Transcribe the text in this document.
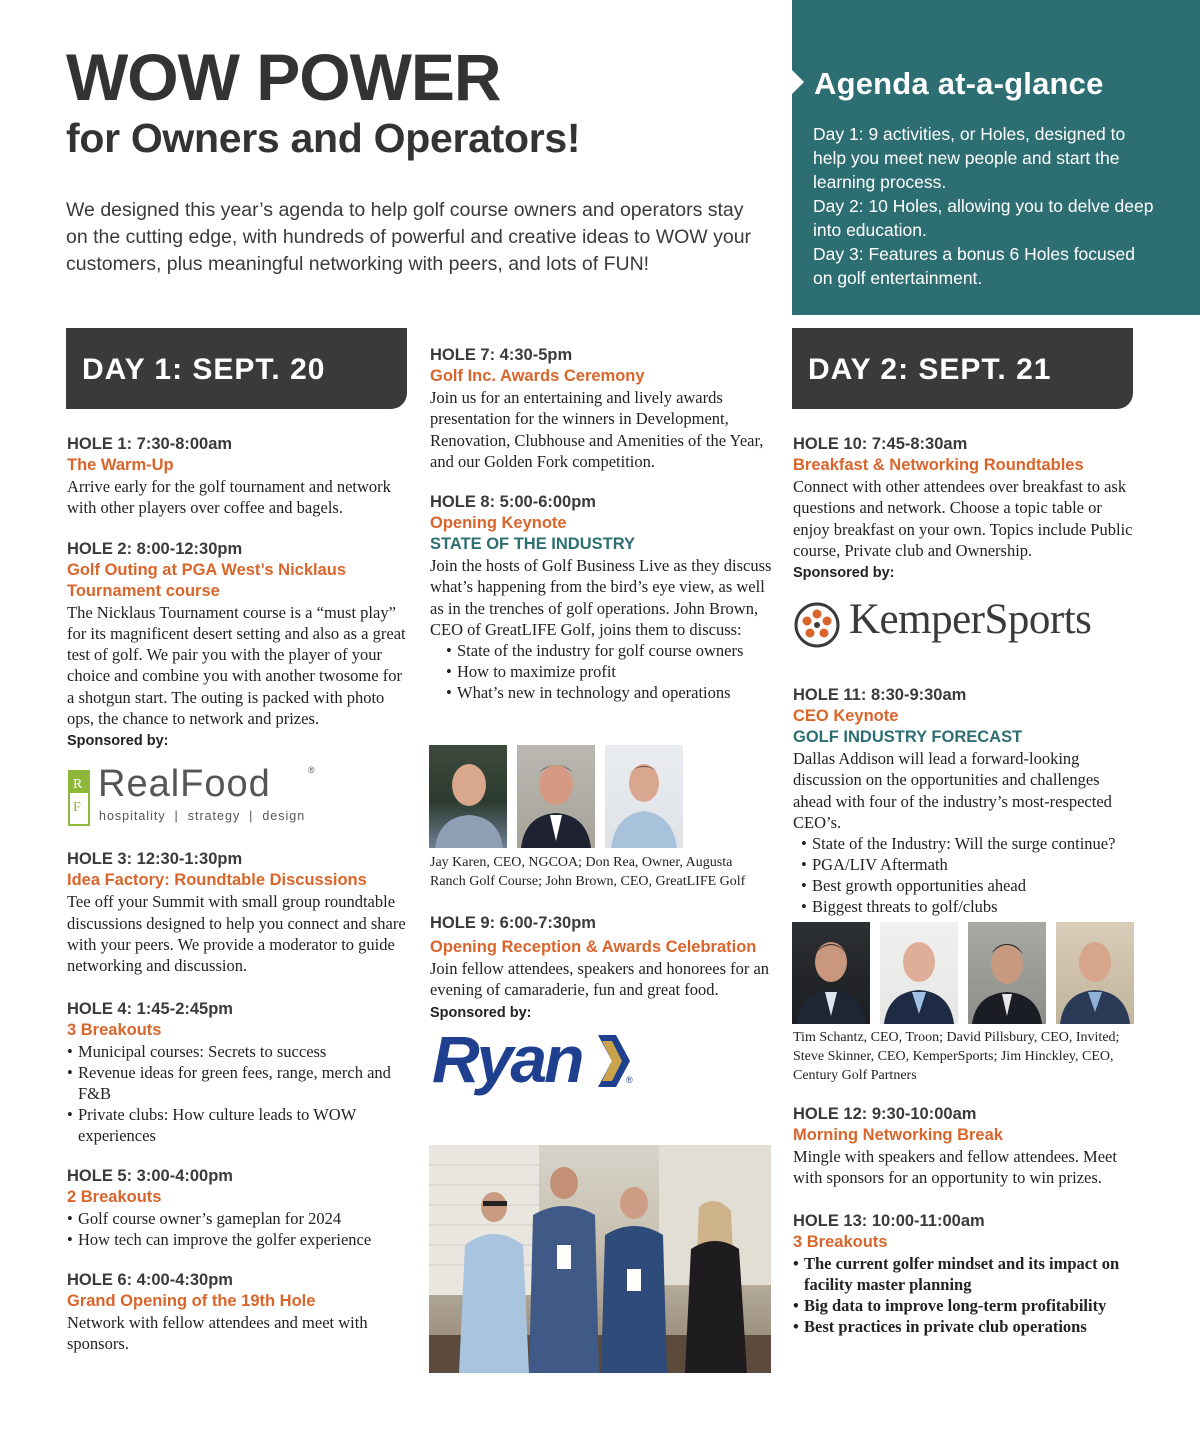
WOW POWER
for Owners and Operators!

We designed this year’s agenda to help golf course owners and operators stay on the cutting edge, with hundreds of powerful and creative ideas to WOW your customers, plus meaningful networking with peers, and lots of FUN!

Agenda at-a-glance
Day 1: 9 activities, or Holes, designed to help you meet new people and start the learning process.
Day 2: 10 Holes, allowing you to delve deep into education.
Day 3: Features a bonus 6 Holes focused on golf entertainment.
DAY 1: SEPT. 20	DAY 2: SEPT. 21
HOLE 1: 7:30-8:00am
The Warm-Up
Arrive early for the golf tournament and network with other players over coffee and bagels.
HOLE 2: 8:00-12:30pm
Golf Outing at PGA West’s Nicklaus Tournament course
The Nicklaus Tournament course is a “must play” for its magnificent desert setting and also as a great test of golf. We pair you with the player of your choice and combine you with another twosome for a shotgun start. The outing is packed with photo ops, the chance to network and prizes.
Sponsored by:
F
R RealFood	®
hospitality  |  strategy  |  design
HOLE 3: 12:30-1:30pm
Idea Factory: Roundtable Discussions
Tee off your Summit with small group roundtable discussions designed to help you connect and share with your peers. We provide a moderator to guide networking and discussion.
HOLE 4: 1:45-2:45pm
3 Breakouts
• Municipal courses: Secrets to success
• Revenue ideas for green fees, range, merch and F&B
• Private clubs: How culture leads to WOW experiences
HOLE 5: 3:00-4:00pm
2 Breakouts
• Golf course owner’s gameplan for 2024
• How tech can improve the golfer experience
HOLE 6: 4:00-4:30pm
Grand Opening of the 19th Hole
Network with fellow attendees and meet with sponsors.
HOLE 7: 4:30-5pm
Golf Inc. Awards Ceremony
Join us for an entertaining and lively awards presentation for the winners in Development, Renovation, Clubhouse and Amenities of the Year, and our Golden Fork competition.
HOLE 8: 5:00-6:00pm
Opening Keynote
STATE OF THE INDUSTRY
Join the hosts of Golf Business Live as they discuss what’s happening from the bird’s eye view, as well as in the trenches of golf operations. John Brown, CEO of GreatLIFE Golf, joins them to discuss:
• State of the industry for golf course owners
• How to maximize profit
• What’s new in technology and operations
Jay Karen, CEO, NGCOA; Don Rea, Owner, Augusta Ranch Golf Course; John Brown, CEO, GreatLIFE Golf
HOLE 9: 6:00-7:30pm
Opening Reception & Awards Celebration
Join fellow attendees, speakers and honorees for an evening of camaraderie, fun and great food.
Sponsored by:
Ryan	®
HOLE 10: 7:45-8:30am
Breakfast & Networking Roundtables
Connect with other attendees over breakfast to ask questions and network. Choose a topic table or enjoy breakfast on your own. Topics include Public course, Private club and Ownership.
Sponsored by:
KemperSports
HOLE 11: 8:30-9:30am
CEO Keynote
GOLF INDUSTRY FORECAST
Dallas Addison will lead a forward-looking discussion on the opportunities and challenges ahead with four of the industry’s most-respected CEO’s.
• State of the Industry: Will the surge continue?
• PGA/LIV Aftermath
• Best growth opportunities ahead
• Biggest threats to golf/clubs
Tim Schantz, CEO, Troon; David Pillsbury, CEO, Invited; Steve Skinner, CEO, KemperSports; Jim Hinckley, CEO, Century Golf Partners
HOLE 12: 9:30-10:00am
Morning Networking Break
Mingle with speakers and fellow attendees. Meet with sponsors for an opportunity to win prizes.
HOLE 13: 10:00-11:00am
3 Breakouts
• The current golfer mindset and its impact on facility master planning
• Big data to improve long-term profitability
• Best practices in private club operations
